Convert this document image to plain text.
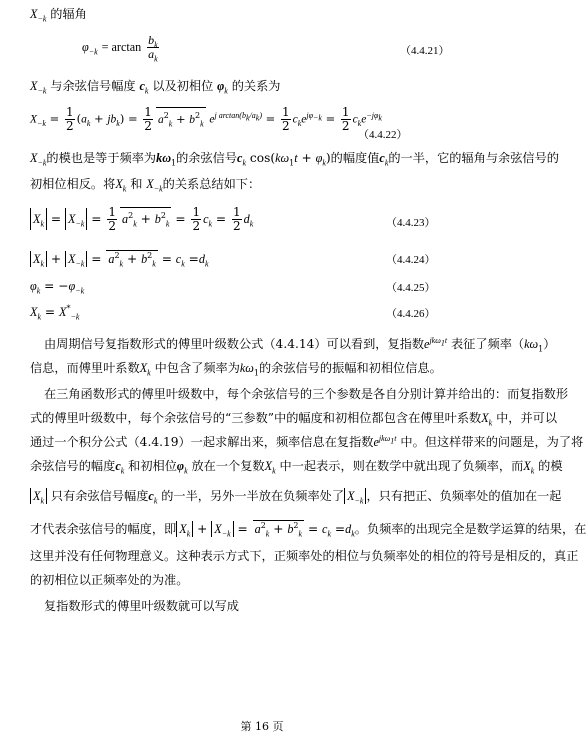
$X_{-k}$ 的辐角
$\varphi_{-k} = \arctan \frac{b_k}{a_k}$	（4.4.21）
$X_{-k}$ 与余弦信号幅度 $c_k$ 以及初相位 $\varphi_k$ 的关系为
$X_{-k} = \frac{1}{2} (a_k + jb_k) = \frac{1}{2} a^2_k + b^2_k$ $e^{j arctan(b_k/a_k)} = \frac{1}{2} c_ke^{j\varphi_{-k}} = \frac{1}{2} c_ke^{-j\varphi_k}$
（4.4.22）
$X_{-k}$的模也是等于频率为$k\omega_1$的余弦信号$c_k$ $\cos(k\omega_1t + \varphi_k)$的幅度值$c_k$的一半，它的辐角与余弦信号的
初相位相反。将$X_k$ 和 $X_{-k}$的关系总结如下：
$X_k = X_{-k} = \frac{1}{2} a^2_k + b^2_k = \frac{1}{2} c_k = \frac{1}{2} d_k$	（4.4.23）
$X_k + X_{-k} = a^2_k + b^2_k = c_k =d_k$	（4.4.24）
$\varphi_k = -\varphi_{-k}$	（4.4.25）
$X_k = X^*_{-k}$	（4.4.26）
由周期信号复指数形式的傅里叶级数公式（4.4.14）可以看到，复指数$e^{jk\omega_1t}$ 表征了频率$(k\omega_1)$
信息，而傅里叶系数$X_k$ 中包含了频率为$k\omega_1$的余弦信号的振幅和初相位信息。
在三角函数形式的傅里叶级数中，每个余弦信号的三个参数是各自分别计算并给出的：而复指数形
式的傅里叶级数中，每个余弦信号的“三参数”中的幅度和初相位都包含在傅里叶系数$X_k$ 中，并可以
通过一个积分公式（4.4.19）一起求解出来，频率信息在复指数$e^{jk\omega_1t}$ 中。但这样带来的问题是，为了将
余弦信号的幅度$c_k$ 和初相位$\varphi_k$ 放在一个复数$X_k$ 中一起表示，则在数学中就出现了负频率，而$X_k$ 的模
$X_k$ 只有余弦信号幅度$c_k$ 的一半，另外一半放在负频率处了 $X_{-k}$ ，只有把正、负频率处的值加在一起
才代表余弦信号的幅度，即 $X_k + X_{-k} = a^2_k + b^2_k = c_k =d_k$。负频率的出现完全是数学运算的结果，在
这里并没有任何物理意义。这种表示方式下，正频率处的相位与负频率处的相位的符号是相反的，真正
的初相位以正频率处的为准。
复指数形式的傅里叶级数就可以写成
第 16 页
